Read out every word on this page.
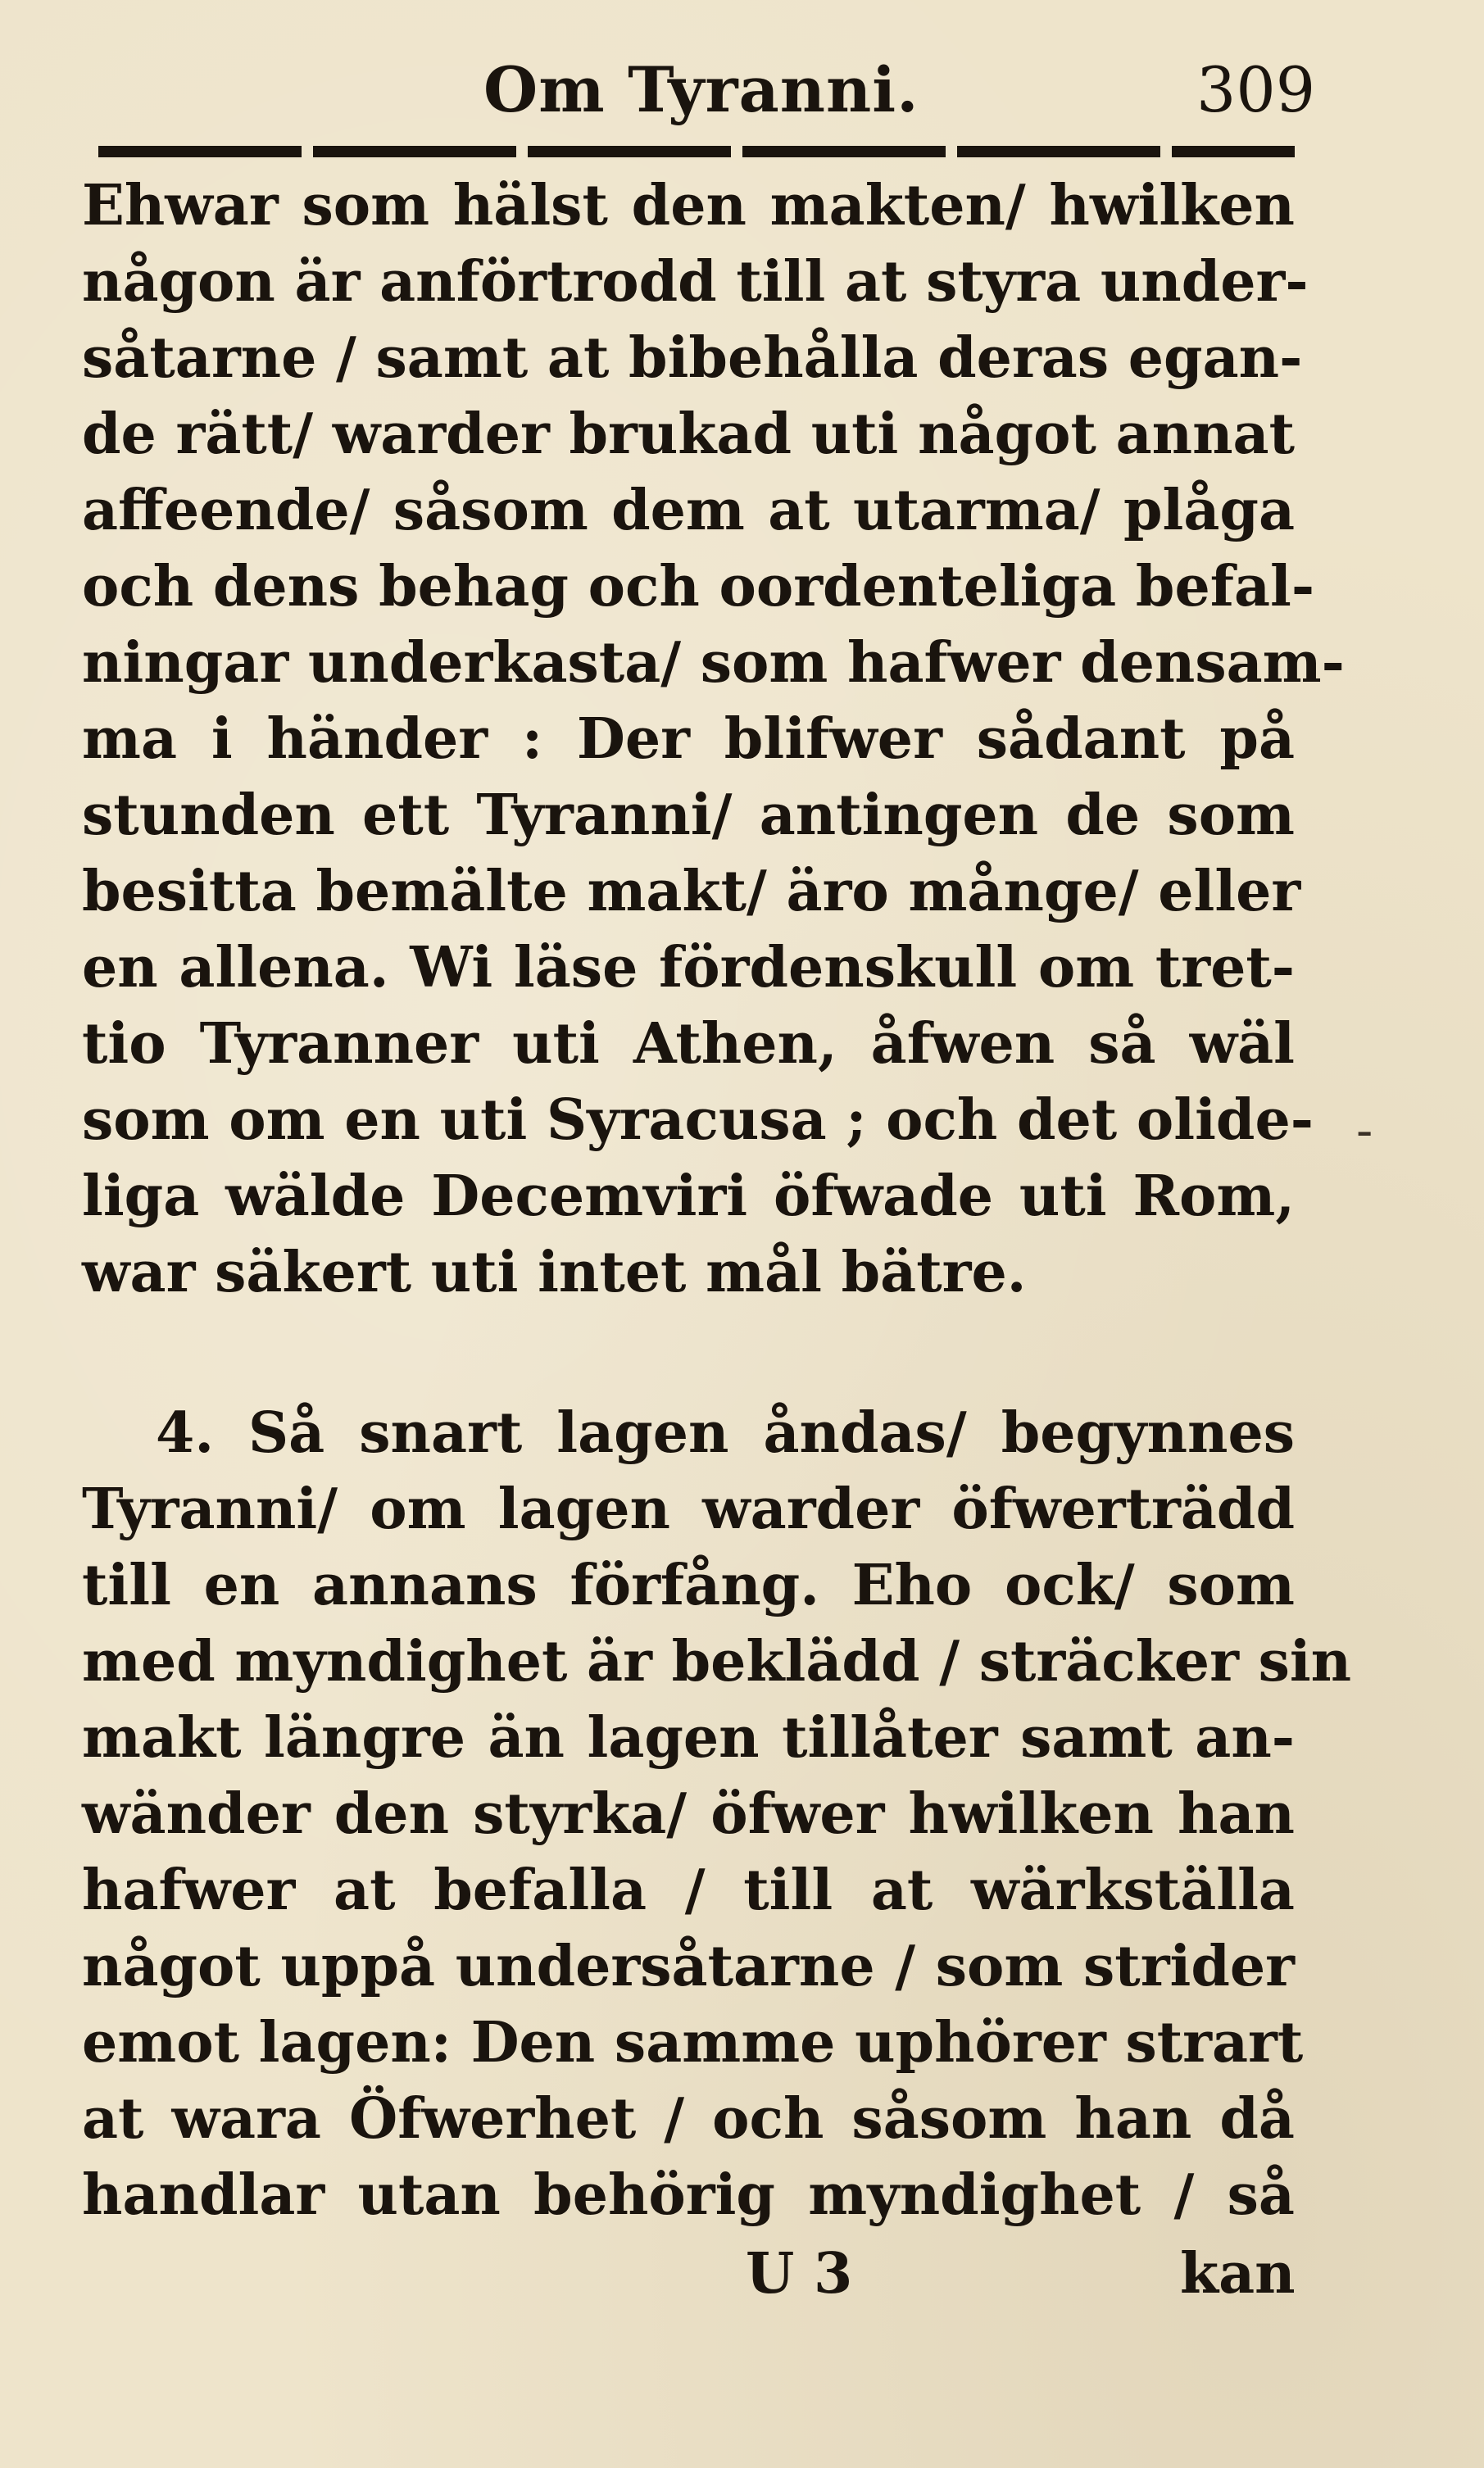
Om Tyranni.	309
Ehwar som hälst den makten/ hwilken
någon är anförtrodd till at styra under-
såtarne / samt at bibehålla deras egan-
de rätt/ warder brukad uti något annat
affeende/ såsom dem at utarma/ plåga
och dens behag och oordenteliga befal-
ningar underkasta/ som hafwer densam-
ma i händer : Der blifwer sådant på
stunden ett Tyranni/ antingen de som
besitta bemälte makt/ äro månge/ eller
en allena. Wi läse fördenskull om tret-
tio Tyranner uti Athen, åfwen så wäl
som om en uti Syracusa ; och det olide-
liga wälde Decemviri öfwade uti Rom,
war säkert uti intet mål bätre.
4. Så snart lagen åndas/ begynnes
Tyranni/ om lagen warder öfwerträdd
till en annans förfång. Eho ock/ som
med myndighet är beklädd / sträcker sin
makt längre än lagen tillåter samt an-
wänder den styrka/ öfwer hwilken han
hafwer at befalla / till at wärkställa
något uppå undersåtarne / som strider
emot lagen: Den samme uphörer strart
at wara Öfwerhet / och såsom han då
handlar utan behörig myndighet / så
-
U 3	kan
